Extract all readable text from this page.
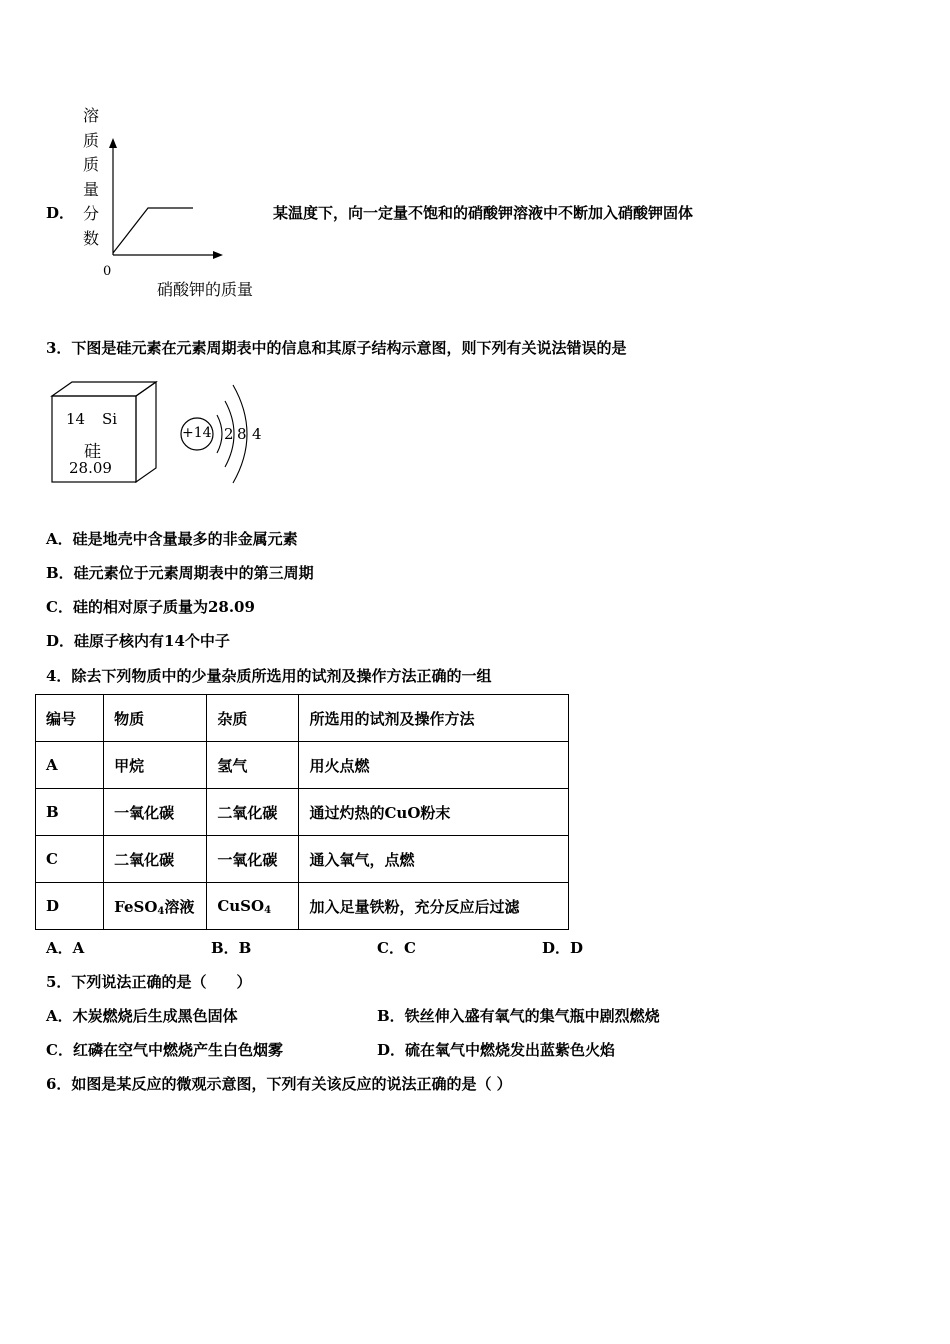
D．
溶
质
质
量
分
数
0
硝酸钾的质量
某温度下，向一定量不饱和的硝酸钾溶液中不断加入硝酸钾固体
3．下图是硅元素在元素周期表中的信息和其原子结构示意图，则下列有关说法错误的是
14 Si
硅
28.09
+14 2 8 4
A．硅是地壳中含量最多的非金属元素
B．硅元素位于元素周期表中的第三周期
C．硅的相对原子质量为28.09
D．硅原子核内有14个中子
4．除去下列物质中的少量杂质所选用的试剂及操作方法正确的一组
编号	物质	杂质	所选用的试剂及操作方法
A	甲烷	氢气	用火点燃
B	一氧化碳	二氧化碳	通过灼热的CuO粉末
C	二氧化碳	一氧化碳	通入氧气，点燃
D	FeSO$_4$溶液	CuSO$_4$	加入足量铁粉，充分反应后过滤
A．A	B．B	C．C	D．D
5．下列说法正确的是（　　）
A．木炭燃烧后生成黑色固体	B．铁丝伸入盛有氧气的集气瓶中剧烈燃烧
C．红磷在空气中燃烧产生白色烟雾	D．硫在氧气中燃烧发出蓝紫色火焰
6．如图是某反应的微观示意图，下列有关该反应的说法正确的是（ ）
